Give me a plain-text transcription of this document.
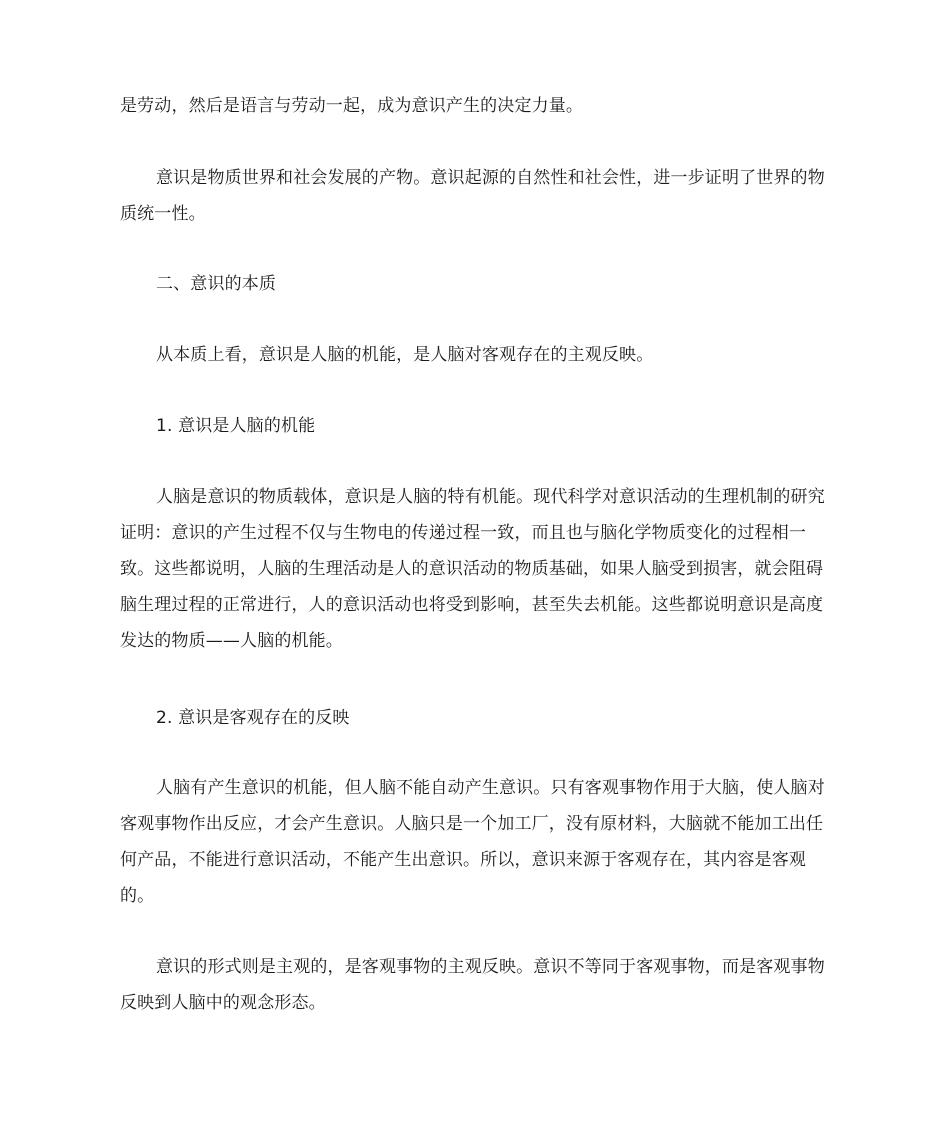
是劳动，然后是语言与劳动一起，成为意识产生的决定力量。

意识是物质世界和社会发展的产物。意识起源的自然性和社会性，进一步证明了世界的物质统一性。

二、意识的本质

从本质上看，意识是人脑的机能，是人脑对客观存在的主观反映。

1. 意识是人脑的机能

人脑是意识的物质载体，意识是人脑的特有机能。现代科学对意识活动的生理机制的研究证明：意识的产生过程不仅与生物电的传递过程一致，而且也与脑化学物质变化的过程相一致。这些都说明，人脑的生理活动是人的意识活动的物质基础，如果人脑受到损害，就会阻碍脑生理过程的正常进行，人的意识活动也将受到影响，甚至失去机能。这些都说明意识是高度发达的物质——人脑的机能。

2. 意识是客观存在的反映

人脑有产生意识的机能，但人脑不能自动产生意识。只有客观事物作用于大脑，使人脑对客观事物作出反应，才会产生意识。人脑只是一个加工厂，没有原材料，大脑就不能加工出任何产品，不能进行意识活动，不能产生出意识。所以，意识来源于客观存在，其内容是客观的。

意识的形式则是主观的，是客观事物的主观反映。意识不等同于客观事物，而是客观事物反映到人脑中的观念形态。
